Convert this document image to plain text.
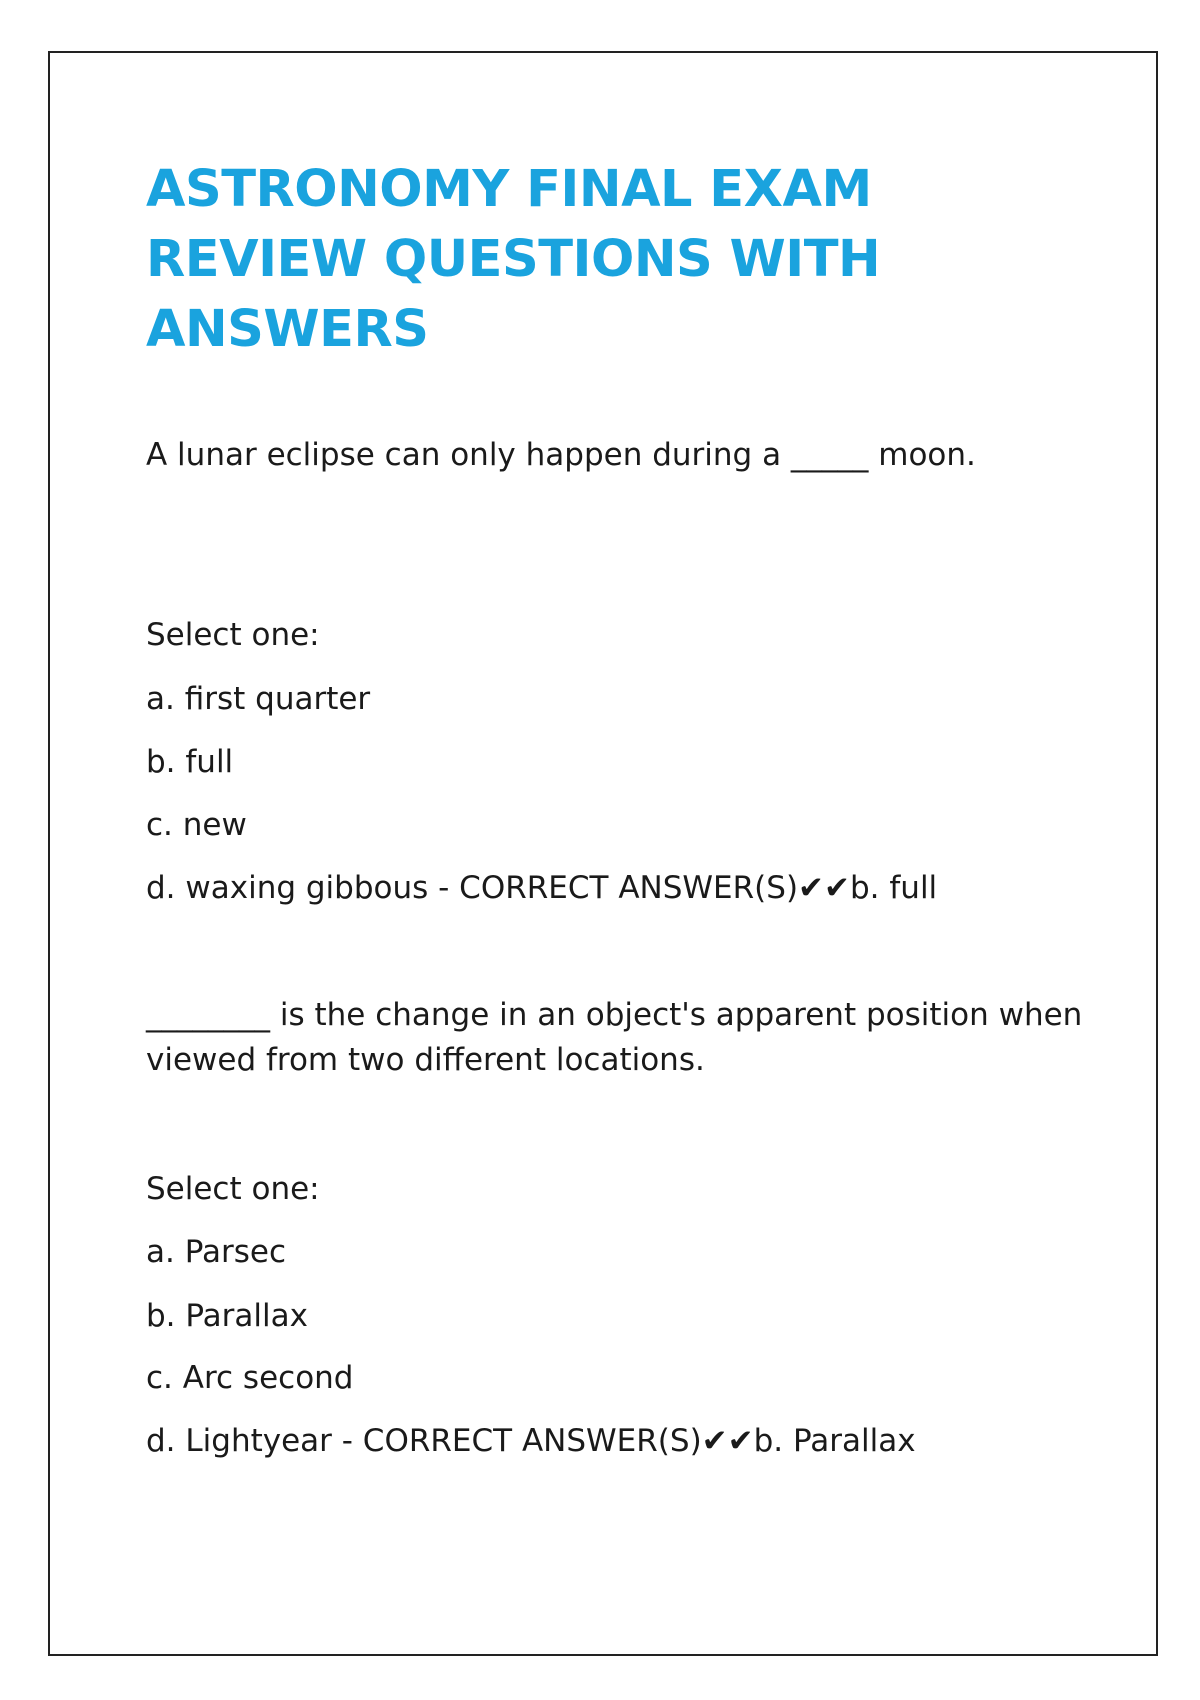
ASTRONOMY FINAL EXAM REVIEW QUESTIONS WITH ANSWERS

A lunar eclipse can only happen during a _____ moon.

Select one:

a. first quarter

b. full

c. new

d. waxing gibbous - CORRECT ANSWER(S)✔✔b. full

________ is the change in an object's apparent position when viewed from two different locations.

Select one:

a. Parsec

b. Parallax

c. Arc second

d. Lightyear - CORRECT ANSWER(S)✔✔b. Parallax
